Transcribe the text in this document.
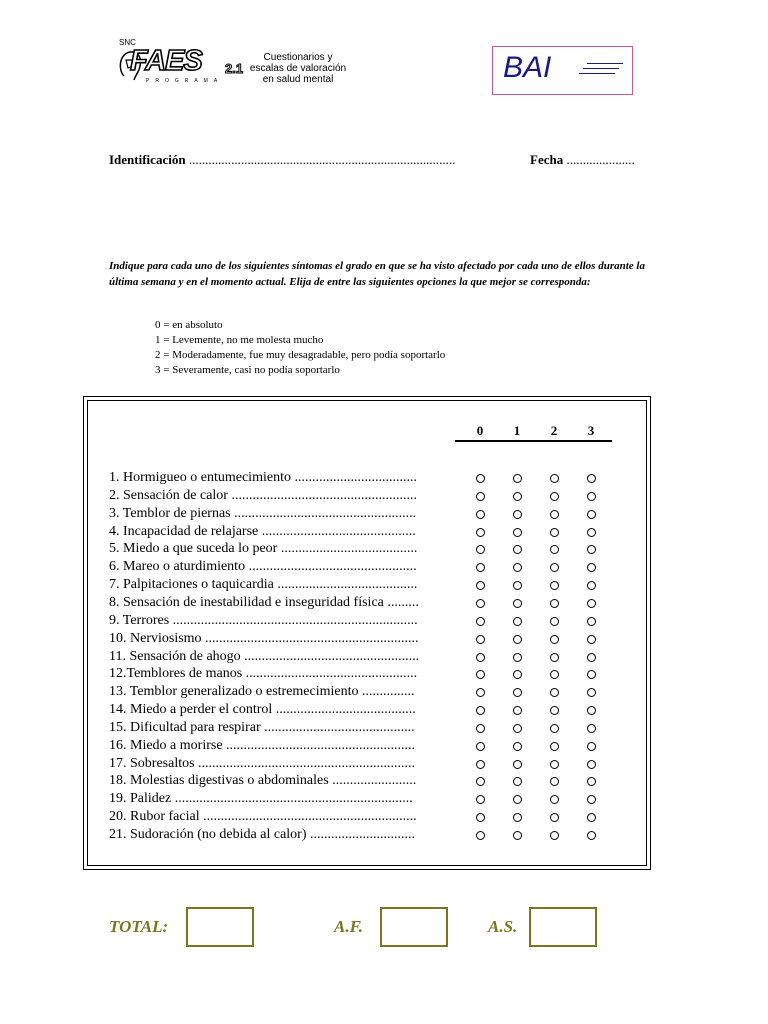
SNC
FAES 2.1
PROGRAMA
Cuestionarios y
escalas de valoración
en salud mental	BAI
Identificación ..................................................................................	Fecha .....................
Indique para cada uno de los siguientes síntomas el grado en que se ha visto afectado por cada uno de ellos durante la última semana y en el momento actual. Elija de entre las siguientes opciones la que mejor se corresponda:
0 = en absoluto
1 = Levemente, no me molesta mucho
2 = Moderadamente, fue muy desagradable, pero podía soportarlo
3 = Severamente, casi no podía soportarlo
0	1	2	3
1. Hormigueo o entumecimiento ...................................
2. Sensación de calor .....................................................
3. Temblor de piernas ....................................................
4. Incapacidad de relajarse ............................................
5. Miedo a que suceda lo peor .......................................
6. Mareo o aturdimiento ................................................
7. Palpitaciones o taquicardia ........................................
8. Sensación de inestabilidad e inseguridad física .........
9. Terrores ......................................................................
10. Nerviosismo .............................................................
11. Sensación de ahogo ..................................................
12.Temblores de manos .................................................
13. Temblor generalizado o estremecimiento ...............
14. Miedo a perder el control ........................................
15. Dificultad para respirar ...........................................
16. Miedo a morirse ......................................................
17. Sobresaltos ..............................................................
18. Molestias digestivas o abdominales ........................
19. Palidez ....................................................................
20. Rubor facial .............................................................
21. Sudoración (no debida al calor) ..............................
TOTAL:	A.F.	A.S.
